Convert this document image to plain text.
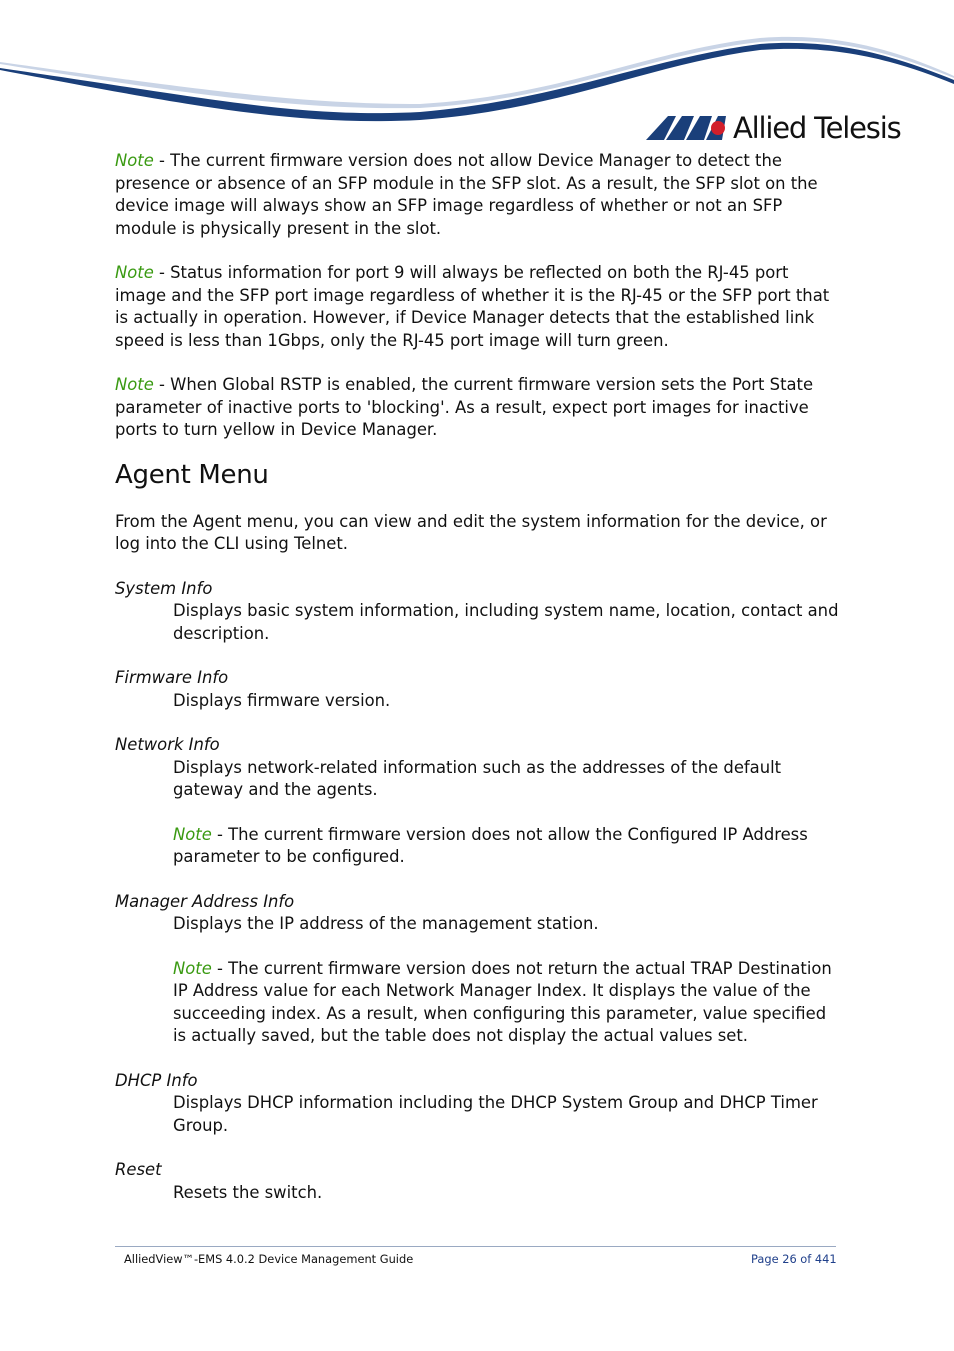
Allied Telesis

Note - The current firmware version does not allow Device Manager to detect the presence or absence of an SFP module in the SFP slot. As a result, the SFP slot on the device image will always show an SFP image regardless of whether or not an SFP module is physically present in the slot.

Note - Status information for port 9 will always be reflected on both the RJ-45 port image and the SFP port image regardless of whether it is the RJ-45 or the SFP port that is actually in operation. However, if Device Manager detects that the established link speed is less than 1Gbps, only the RJ-45 port image will turn green.

Note - When Global RSTP is enabled, the current firmware version sets the Port State parameter of inactive ports to 'blocking'. As a result, expect port images for inactive ports to turn yellow in Device Manager.

Agent Menu

From the Agent menu, you can view and edit the system information for the device, or log into the CLI using Telnet.

System Info

Displays basic system information, including system name, location, contact and description.

Firmware Info

Displays firmware version.

Network Info

Displays network-related information such as the addresses of the default gateway and the agents.

Note - The current firmware version does not allow the Configured IP Address parameter to be configured.

Manager Address Info

Displays the IP address of the management station.

Note - The current firmware version does not return the actual TRAP Destination IP Address value for each Network Manager Index. It displays the value of the succeeding index. As a result, when configuring this parameter, value specified is actually saved, but the table does not display the actual values set.

DHCP Info

Displays DHCP information including the DHCP System Group and DHCP Timer Group.

Reset

Resets the switch.

AlliedView™-EMS 4.0.2 Device Management Guide	Page 26 of 441
